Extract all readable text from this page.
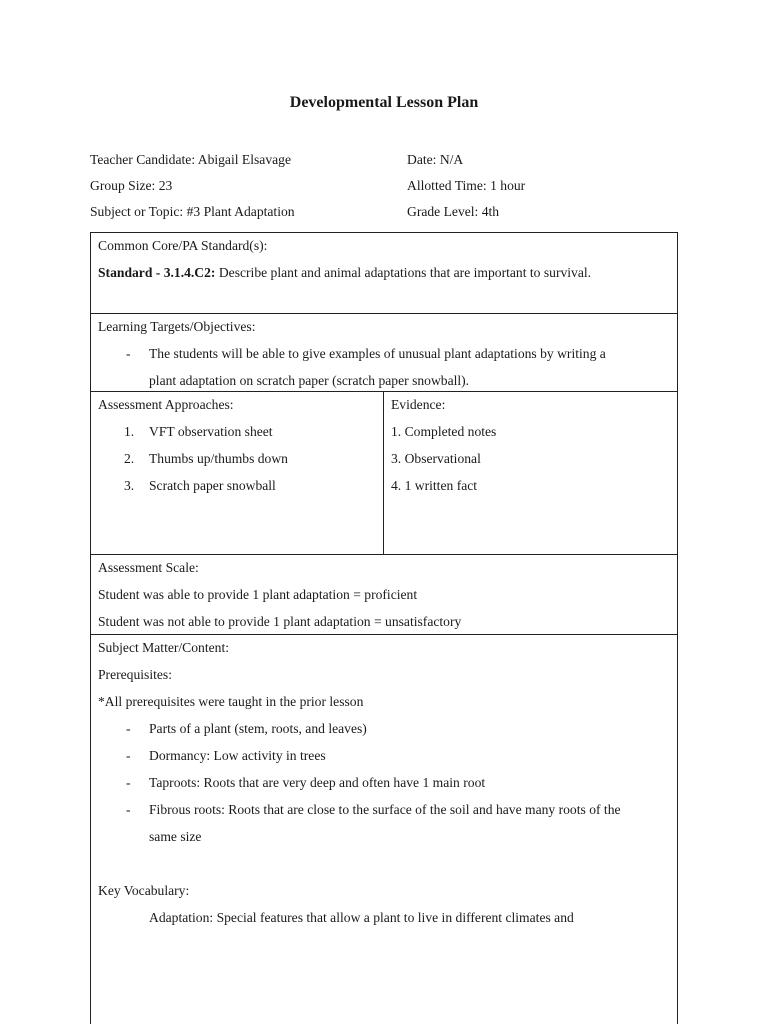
Developmental Lesson Plan
Teacher Candidate: Abigail Elsavage	Date: N/A
Group Size: 23	Allotted Time: 1 hour
Subject or Topic: #3 Plant Adaptation	Grade Level: 4th
Common Core/PA Standard(s):
Standard - 3.1.4.C2: Describe plant and animal adaptations that are important to survival.
Learning Targets/Objectives:
- The students will be able to give examples of unusual plant adaptations by writing a
plant adaptation on scratch paper (scratch paper snowball).
Assessment Approaches:
1. VFT observation sheet
2. Thumbs up/thumbs down
3. Scratch paper snowball
Evidence:
1. Completed notes
3. Observational
4. 1 written fact
Assessment Scale:
Student was able to provide 1 plant adaptation = proficient
Student was not able to provide 1 plant adaptation = unsatisfactory
Subject Matter/Content:
Prerequisites:
*All prerequisites were taught in the prior lesson
- Parts of a plant (stem, roots, and leaves)
- Dormancy: Low activity in trees
- Taproots: Roots that are very deep and often have 1 main root
- Fibrous roots: Roots that are close to the surface of the soil and have many roots of the
same size
Key Vocabulary:
Adaptation: Special features that allow a plant to live in different climates and
